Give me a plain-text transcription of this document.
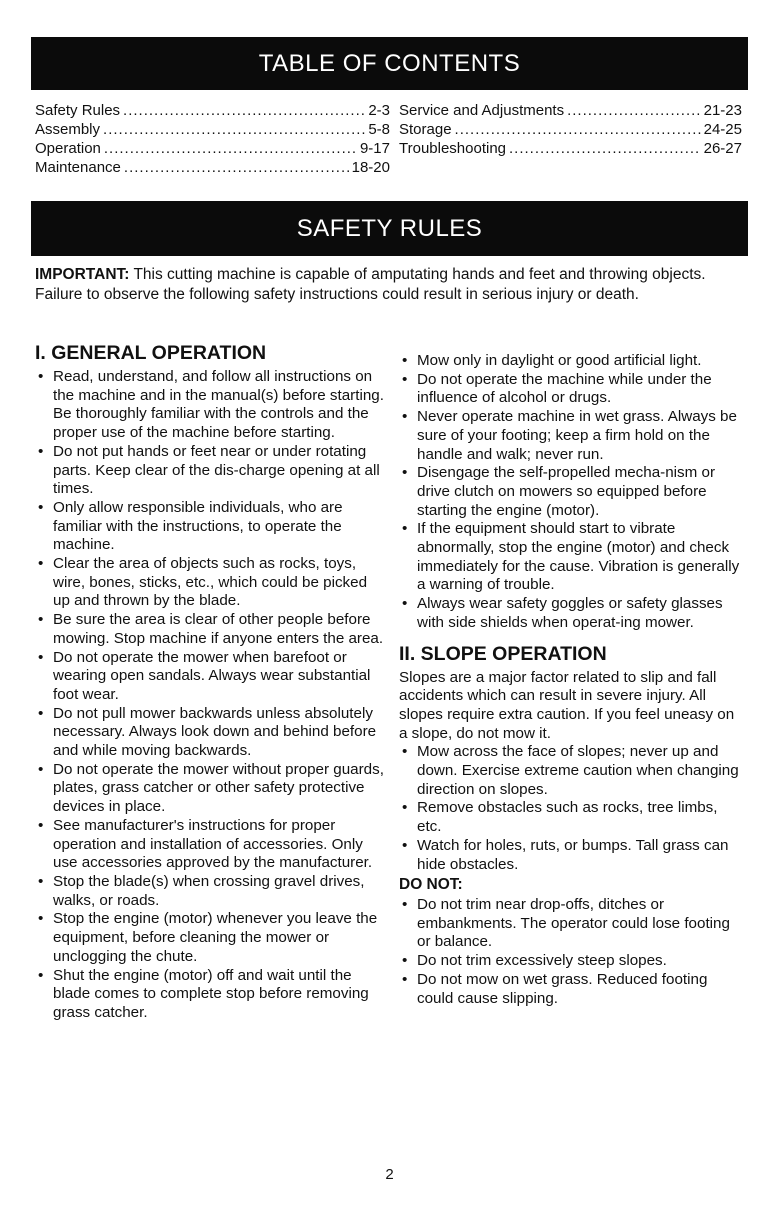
TABLE OF CONTENTS
Safety Rules .....	2-3
Assembly .....	5-8
Operation .....	9-17
Maintenance .....	18-20
Service and Adjustments .....	21-23
Storage .....	24-25
Troubleshooting .....	26-27
SAFETY RULES
IMPORTANT: This cutting machine is capable of amputating hands and feet and throwing objects. Failure to observe the following safety instructions could result in serious injury or death.
I. GENERAL OPERATION
• Read, understand, and follow all instructions on the machine and in the manual(s) before starting. Be thoroughly familiar with the controls and the proper use of the machine before starting.
• Do not put hands or feet near or under rotating parts. Keep clear of the dis-charge opening at all times.
• Only allow responsible individuals, who are familiar with the instructions, to operate the machine.
• Clear the area of objects such as rocks, toys, wire, bones, sticks, etc., which could be picked up and thrown by the blade.
• Be sure the area is clear of other people before mowing. Stop machine if anyone enters the area.
• Do not operate the mower when barefoot or wearing open sandals. Always wear substantial foot wear.
• Do not pull mower backwards unless absolutely necessary. Always look down and behind before and while moving backwards.
• Do not operate the mower without proper guards, plates, grass catcher or other safety protective devices in place.
• See manufacturer's instructions for proper operation and installation of accessories. Only use accessories approved by the manufacturer.
• Stop the blade(s) when crossing gravel drives, walks, or roads.
• Stop the engine (motor) whenever you leave the equipment, before cleaning the mower or unclogging the chute.
• Shut the engine (motor) off and wait until the blade comes to complete stop before removing grass catcher.
• Mow only in daylight or good artificial light.
• Do not operate the machine while under the influence of alcohol or drugs.
• Never operate machine in wet grass. Always be sure of your footing; keep a firm hold on the handle and walk; never run.
• Disengage the self-propelled mecha-nism or drive clutch on mowers so equipped before starting the engine (motor).
• If the equipment should start to vibrate abnormally, stop the engine (motor) and check immediately for the cause. Vibration is generally a warning of trouble.
• Always wear safety goggles or safety glasses with side shields when operat-ing mower.
II. SLOPE OPERATION

Slopes are a major factor related to slip and fall accidents which can result in severe injury. All slopes require extra caution. If you feel uneasy on a slope, do not mow it.

• Mow across the face of slopes; never up and down. Exercise extreme caution when changing direction on slopes.
• Remove obstacles such as rocks, tree limbs, etc.
• Watch for holes, ruts, or bumps. Tall grass can hide obstacles.
DO NOT:
• Do not trim near drop-offs, ditches or embankments. The operator could lose footing or balance.
• Do not trim excessively steep slopes.
• Do not mow on wet grass. Reduced footing could cause slipping.
2
